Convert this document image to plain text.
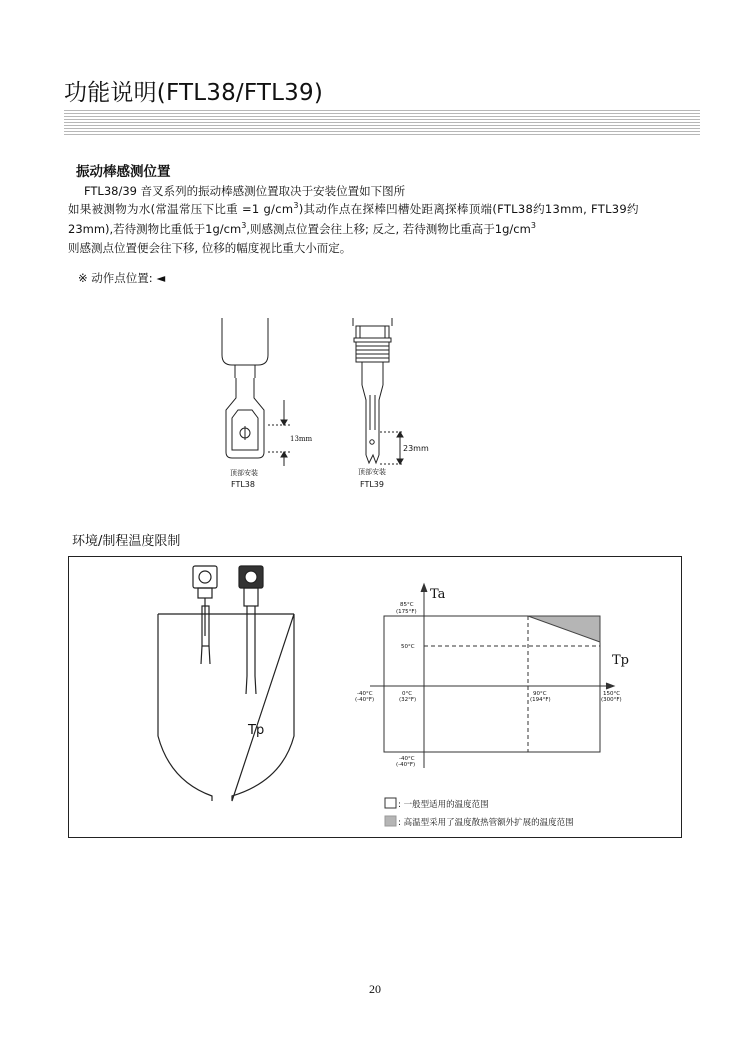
功能说明(FTL38/FTL39)
振动棒感测位置
FTL38/39 音叉系列的振动棒感测位置取决于安装位置如下图所
如果被测物为水(常温常压下比重 =1 $g/cm^3$)其动作点在探棒凹槽处距离探棒顶端(FTL38约13mm, FTL39约
23mm),若待测物比重低于$1g/cm^3$,则感测点位置会往上移; 反之, 若待测物比重高于$1g/cm^3$
则感测点位置便会往下移, 位移的幅度视比重大小而定。
※ 动作点位置: ◄
13mm
顶部安装
FTL38
23mm
顶部安装
FTL39
环境/制程温度限制
Tp
Ta
Tp
85°C
(175°F)
50°C
-40°C
(-40°F)
0°C
(32°F)
90°C
(194°F)
150°C
(300°F)
-40°C
(-40°F)
: 一般型适用的温度范围
: 高温型采用了温度散热管额外扩展的温度范围
20
